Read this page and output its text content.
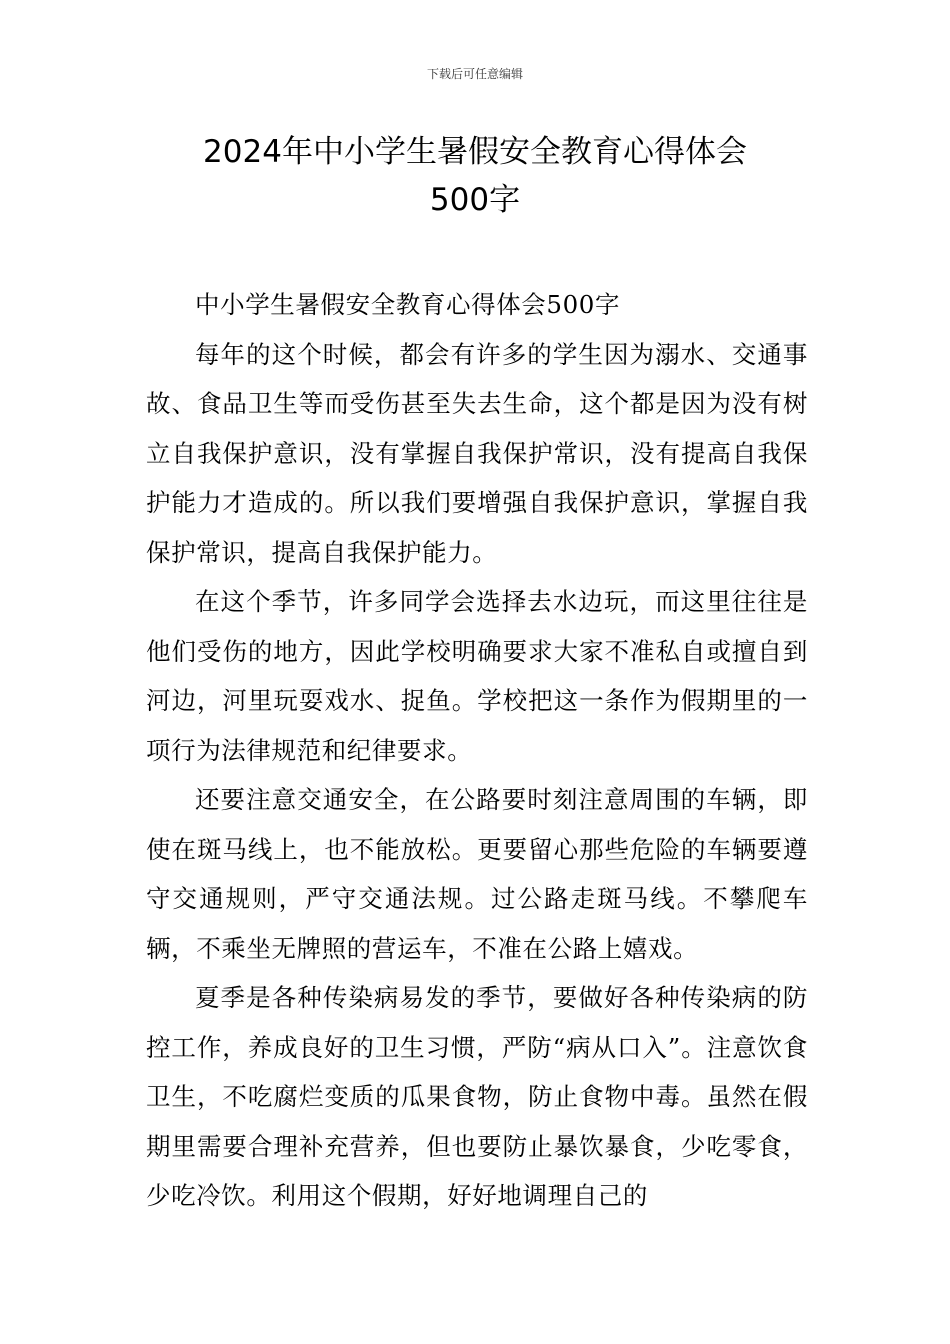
下载后可任意编辑
2024年中小学生暑假安全教育心得体会
500字

中小学生暑假安全教育心得体会500字

每年的这个时候，都会有许多的学生因为溺水、交通事故、食品卫生等而受伤甚至失去生命，这个都是因为没有树立自我保护意识，没有掌握自我保护常识，没有提高自我保护能力才造成的。所以我们要增强自我保护意识，掌握自我保护常识，提高自我保护能力。

在这个季节，许多同学会选择去水边玩，而这里往往是他们受伤的地方，因此学校明确要求大家不准私自或擅自到河边，河里玩耍戏水、捉鱼。学校把这一条作为假期里的一项行为法律规范和纪律要求。

还要注意交通安全，在公路要时刻注意周围的车辆，即使在斑马线上，也不能放松。更要留心那些危险的车辆要遵守交通规则，严守交通法规。过公路走斑马线。不攀爬车辆，不乘坐无牌照的营运车，不准在公路上嬉戏。

夏季是各种传染病易发的季节，要做好各种传染病的防控工作，养成良好的卫生习惯，严防“病从口入”。注意饮食卫生，不吃腐烂变质的瓜果食物，防止食物中毒。虽然在假期里需要合理补充营养，但也要防止暴饮暴食，少吃零食，少吃冷饮。利用这个假期，好好地调理自己的
